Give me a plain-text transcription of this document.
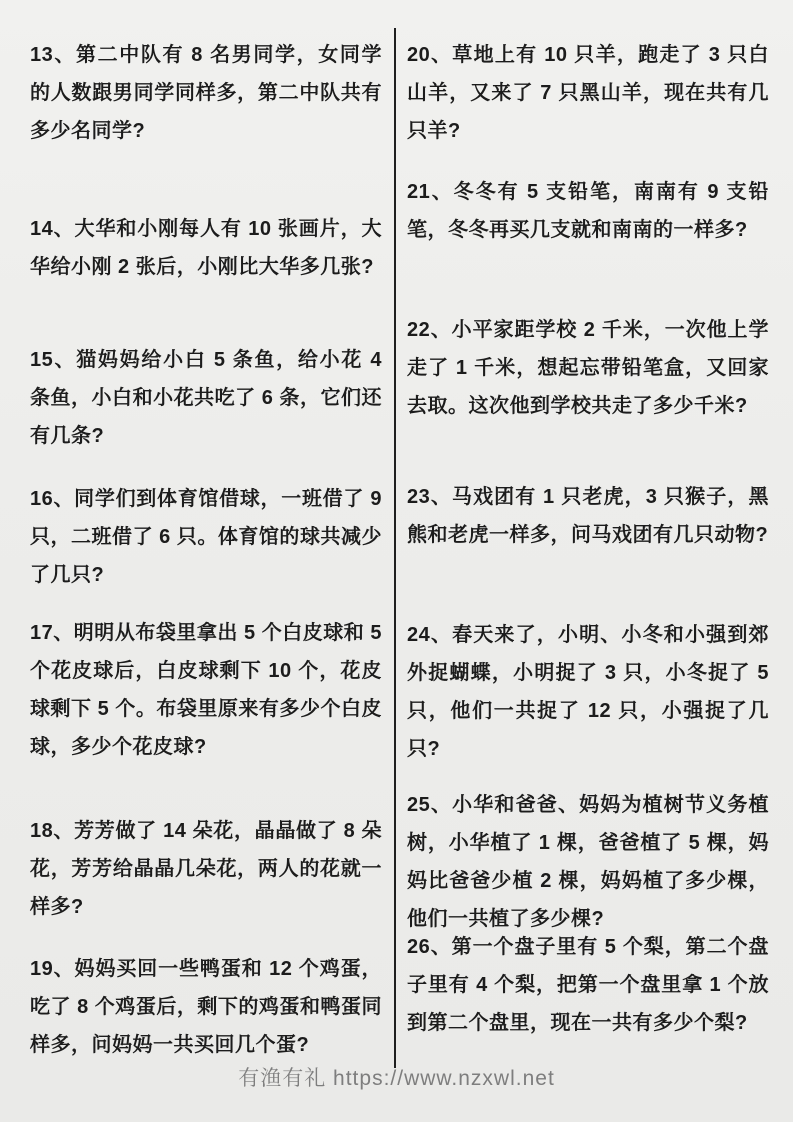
13、第二中队有 8 名男同学，女同学的人数跟男同学同样多，第二中队共有多少名同学?

14、大华和小刚每人有 10 张画片，大华给小刚 2 张后，小刚比大华多几张?

15、猫妈妈给小白 5 条鱼，给小花 4 条鱼，小白和小花共吃了 6 条，它们还有几条?

16、同学们到体育馆借球，一班借了 9 只，二班借了 6 只。体育馆的球共减少了几只?

17、明明从布袋里拿出 5 个白皮球和 5 个花皮球后，白皮球剩下 10 个，花皮球剩下 5 个。布袋里原来有多少个白皮球，多少个花皮球?

18、芳芳做了 14 朵花，晶晶做了 8 朵花，芳芳给晶晶几朵花，两人的花就一样多?

19、妈妈买回一些鸭蛋和 12 个鸡蛋，吃了 8 个鸡蛋后，剩下的鸡蛋和鸭蛋同样多，问妈妈一共买回几个蛋?

20、草地上有 10 只羊，跑走了 3 只白山羊，又来了 7 只黑山羊，现在共有几只羊?

21、冬冬有 5 支铅笔，南南有 9 支铅笔，冬冬再买几支就和南南的一样多?

22、小平家距学校 2 千米，一次他上学走了 1 千米，想起忘带铅笔盒，又回家去取。这次他到学校共走了多少千米?

23、马戏团有 1 只老虎，3 只猴子，黑熊和老虎一样多，问马戏团有几只动物?

24、春天来了，小明、小冬和小强到郊外捉蝴蝶，小明捉了 3 只，小冬捉了 5 只，他们一共捉了 12 只，小强捉了几只?

25、小华和爸爸、妈妈为植树节义务植树，小华植了 1 棵，爸爸植了 5 棵，妈妈比爸爸少植 2 棵，妈妈植了多少棵，他们一共植了多少棵?

26、第一个盘子里有 5 个梨，第二个盘子里有 4 个梨，把第一个盘里拿 1 个放到第二个盘里，现在一共有多少个梨?

有渔有礼 https://www.nzxwl.net
